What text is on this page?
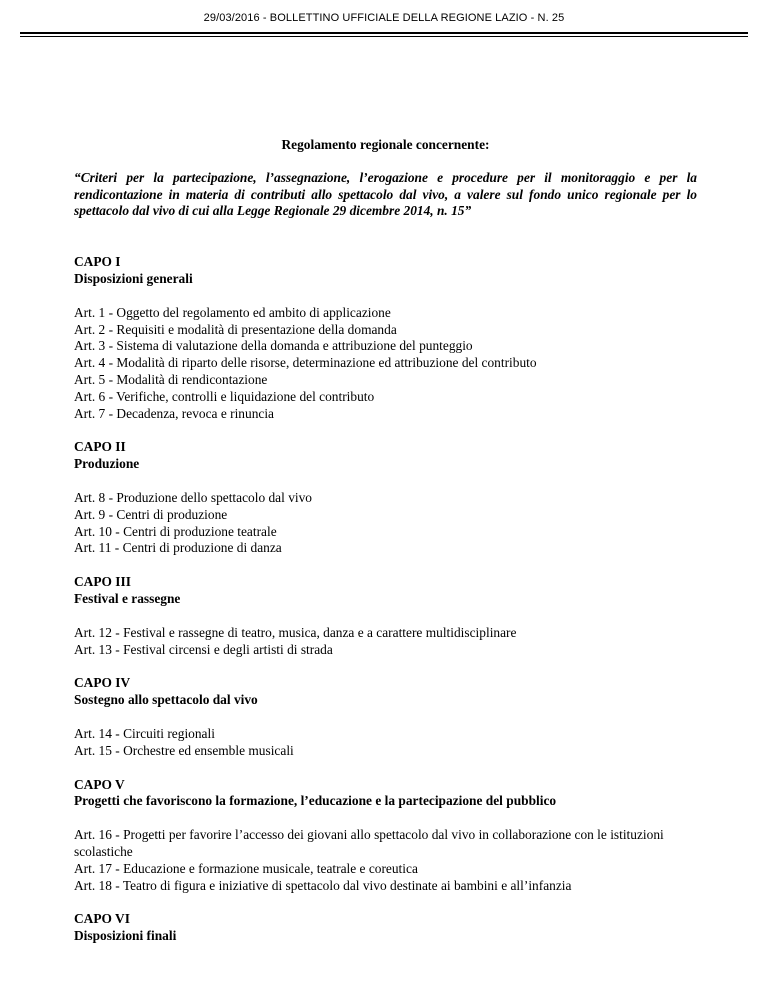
29/03/2016 - BOLLETTINO UFFICIALE DELLA REGIONE LAZIO - N. 25
Regolamento regionale concernente:
“Criteri per la partecipazione, l’assegnazione, l’erogazione e procedure per il monitoraggio e per la rendicontazione in materia di contributi allo spettacolo dal vivo, a valere sul fondo unico regionale per lo spettacolo dal vivo di cui alla Legge Regionale 29 dicembre 2014, n. 15”
CAPO I
Disposizioni generali
Art. 1 - Oggetto del regolamento ed ambito di applicazione
Art. 2 - Requisiti e modalità di presentazione della domanda
Art. 3 - Sistema di valutazione della domanda e attribuzione del punteggio
Art. 4 - Modalità di riparto delle risorse, determinazione ed attribuzione del contributo
Art. 5 - Modalità di rendicontazione
Art. 6 - Verifiche, controlli e liquidazione del contributo
Art. 7 - Decadenza, revoca e rinuncia
CAPO II
Produzione
Art. 8 - Produzione dello spettacolo dal vivo
Art. 9 - Centri di produzione
Art. 10 - Centri di produzione teatrale
Art. 11 - Centri di produzione di danza
CAPO III
Festival e rassegne
Art. 12 - Festival e rassegne di teatro, musica, danza e a carattere multidisciplinare
Art. 13 - Festival circensi e degli artisti di strada
CAPO IV
Sostegno allo spettacolo dal vivo
Art. 14 - Circuiti regionali
Art. 15 - Orchestre ed ensemble musicali
CAPO V
Progetti che favoriscono la formazione, l’educazione e la partecipazione del pubblico
Art. 16 - Progetti per favorire l’accesso dei giovani allo spettacolo dal vivo in collaborazione con le istituzioni scolastiche
Art. 17 - Educazione e formazione musicale, teatrale e coreutica
Art. 18 - Teatro di figura e iniziative di spettacolo dal vivo destinate ai bambini e all’infanzia
CAPO VI
Disposizioni finali
